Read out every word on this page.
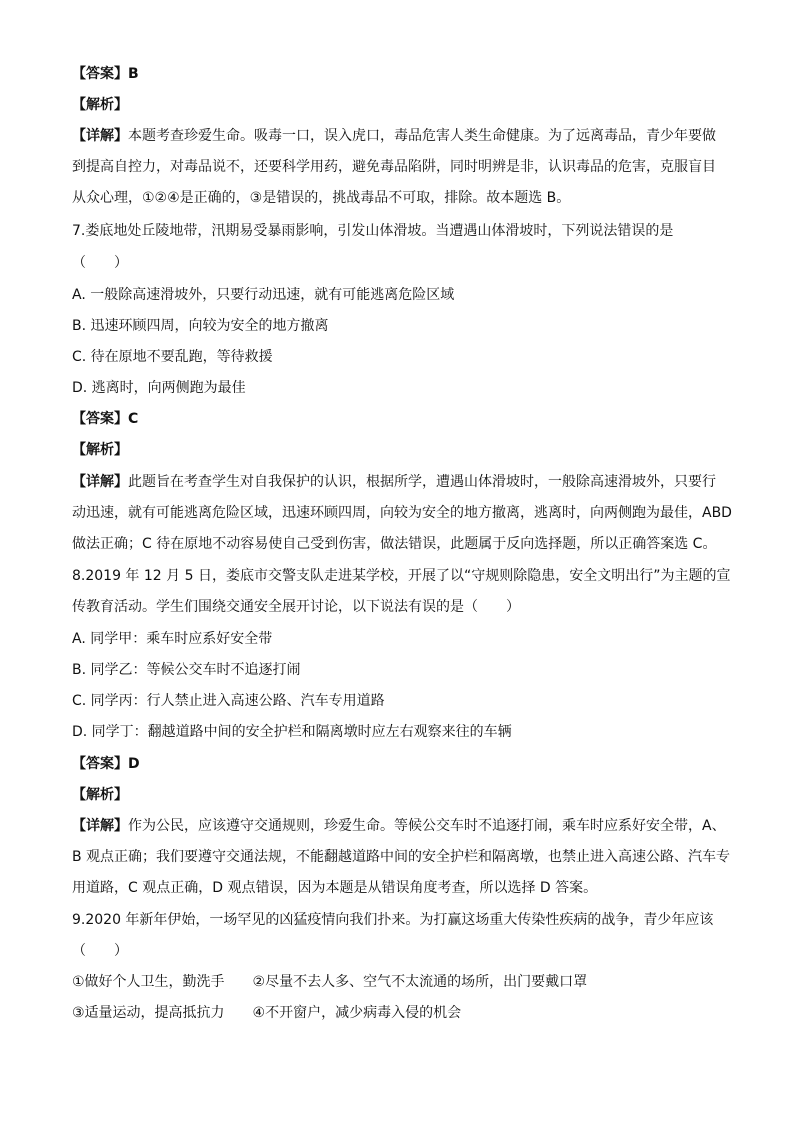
【答案】B
【解析】
【详解】本题考查珍爱生命。吸毒一口，误入虎口，毒品危害人类生命健康。为了远离毒品，青少年要做
到提高自控力，对毒品说不，还要科学用药，避免毒品陷阱，同时明辨是非，认识毒品的危害，克服盲目
从众心理，①②④是正确的，③是错误的，挑战毒品不可取，排除。故本题选 B。
7.娄底地处丘陵地带，汛期易受暴雨影响，引发山体滑坡。当遭遇山体滑坡时，下列说法错误的是
（　　）
A. 一般除高速滑坡外，只要行动迅速，就有可能逃离危险区域
B. 迅速环顾四周，向较为安全的地方撤离
C. 待在原地不要乱跑，等待救援
D. 逃离时，向两侧跑为最佳
【答案】C
【解析】
【详解】此题旨在考查学生对自我保护的认识，根据所学，遭遇山体滑坡时，一般除高速滑坡外，只要行
动迅速，就有可能逃离危险区域，迅速环顾四周，向较为安全的地方撤离，逃离时，向两侧跑为最佳，ABD
做法正确；C 待在原地不动容易使自己受到伤害，做法错误，此题属于反向选择题，所以正确答案选 C。
8.2019 年 12 月 5 日，娄底市交警支队走进某学校，开展了以“守规则除隐患，安全文明出行”为主题的宣
传教育活动。学生们围绕交通安全展开讨论，以下说法有误的是（　　）
A. 同学甲：乘车时应系好安全带
B. 同学乙：等候公交车时不追逐打闹
C. 同学丙：行人禁止进入高速公路、汽车专用道路
D. 同学丁：翻越道路中间的安全护栏和隔离墩时应左右观察来往的车辆
【答案】D
【解析】
【详解】作为公民，应该遵守交通规则，珍爱生命。等候公交车时不追逐打闹，乘车时应系好安全带，A、
B 观点正确；我们要遵守交通法规，不能翻越道路中间的安全护栏和隔离墩，也禁止进入高速公路、汽车专
用道路，C 观点正确，D 观点错误，因为本题是从错误角度考查，所以选择 D 答案。
9.2020 年新年伊始，一场罕见的凶猛疫情向我们扑来。为打赢这场重大传染性疾病的战争，青少年应该
（　　）
①做好个人卫生，勤洗手　　②尽量不去人多、空气不太流通的场所，出门要戴口罩
③适量运动，提高抵抗力　　④不开窗户，减少病毒入侵的机会
